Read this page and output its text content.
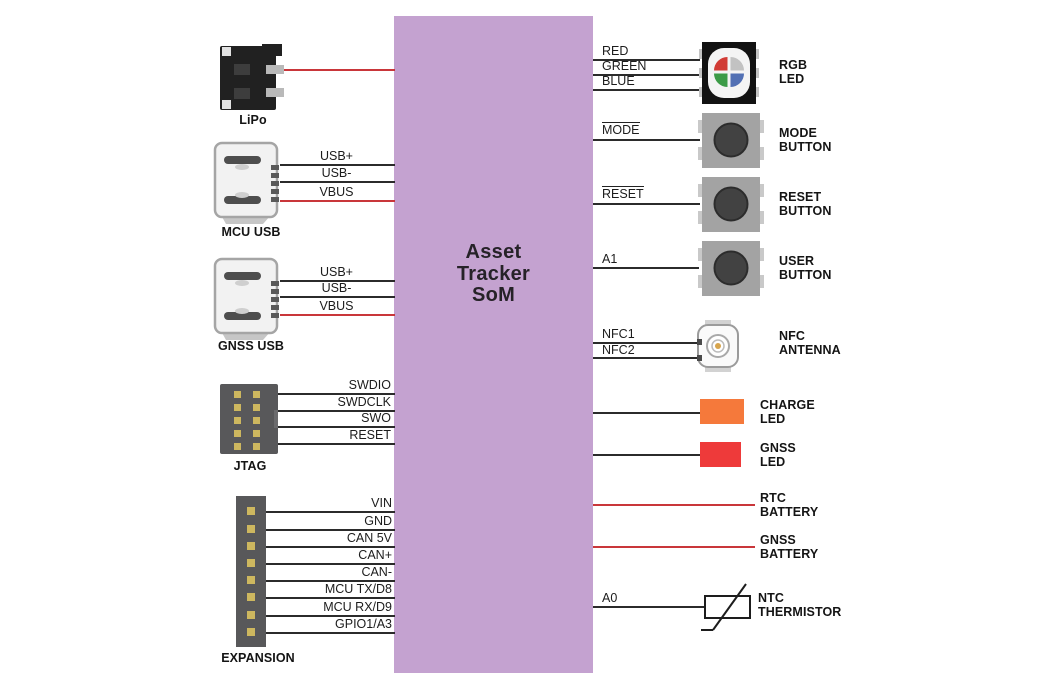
Asset
Tracker
SoM
USB+
USB-
VBUS
USB+
USB-
VBUS
SWDIO
SWDCLK
SWO
RESET
VIN
GND
CAN 5V
CAN+
CAN-
MCU TX/D8
MCU RX/D9
GPIO1/A3
RED
GREEN
BLUE
MODE
RESET
A1
NFC1
NFC2
A0
LiPo
MCU USB
GNSS USB
JTAG
EXPANSION
RGB
LED
MODE
BUTTON
RESET
BUTTON
USER
BUTTON
NFC
ANTENNA
CHARGE
LED
GNSS
LED
RTC
BATTERY
GNSS
BATTERY
NTC
THERMISTOR
